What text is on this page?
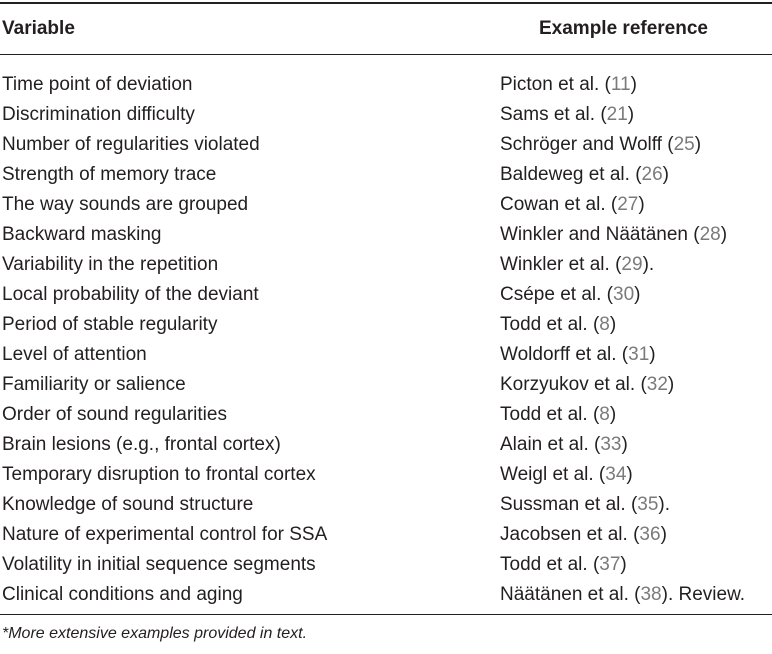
Variable	Example reference
Time point of deviation	Picton et al. (11)
Discrimination difficulty	Sams et al. (21)
Number of regularities violated	Schröger and Wolff (25)
Strength of memory trace	Baldeweg et al. (26)
The way sounds are grouped	Cowan et al. (27)
Backward masking	Winkler and Näätänen (28)
Variability in the repetition	Winkler et al. (29).
Local probability of the deviant	Csépe et al. (30)
Period of stable regularity	Todd et al. (8)
Level of attention	Woldorff et al. (31)
Familiarity or salience	Korzyukov et al. (32)
Order of sound regularities	Todd et al. (8)
Brain lesions (e.g., frontal cortex)	Alain et al. (33)
Temporary disruption to frontal cortex	Weigl et al. (34)
Knowledge of sound structure	Sussman et al. (35).
Nature of experimental control for SSA	Jacobsen et al. (36)
Volatility in initial sequence segments	Todd et al. (37)
Clinical conditions and aging	Näätänen et al. (38). Review.
*More extensive examples provided in text.
